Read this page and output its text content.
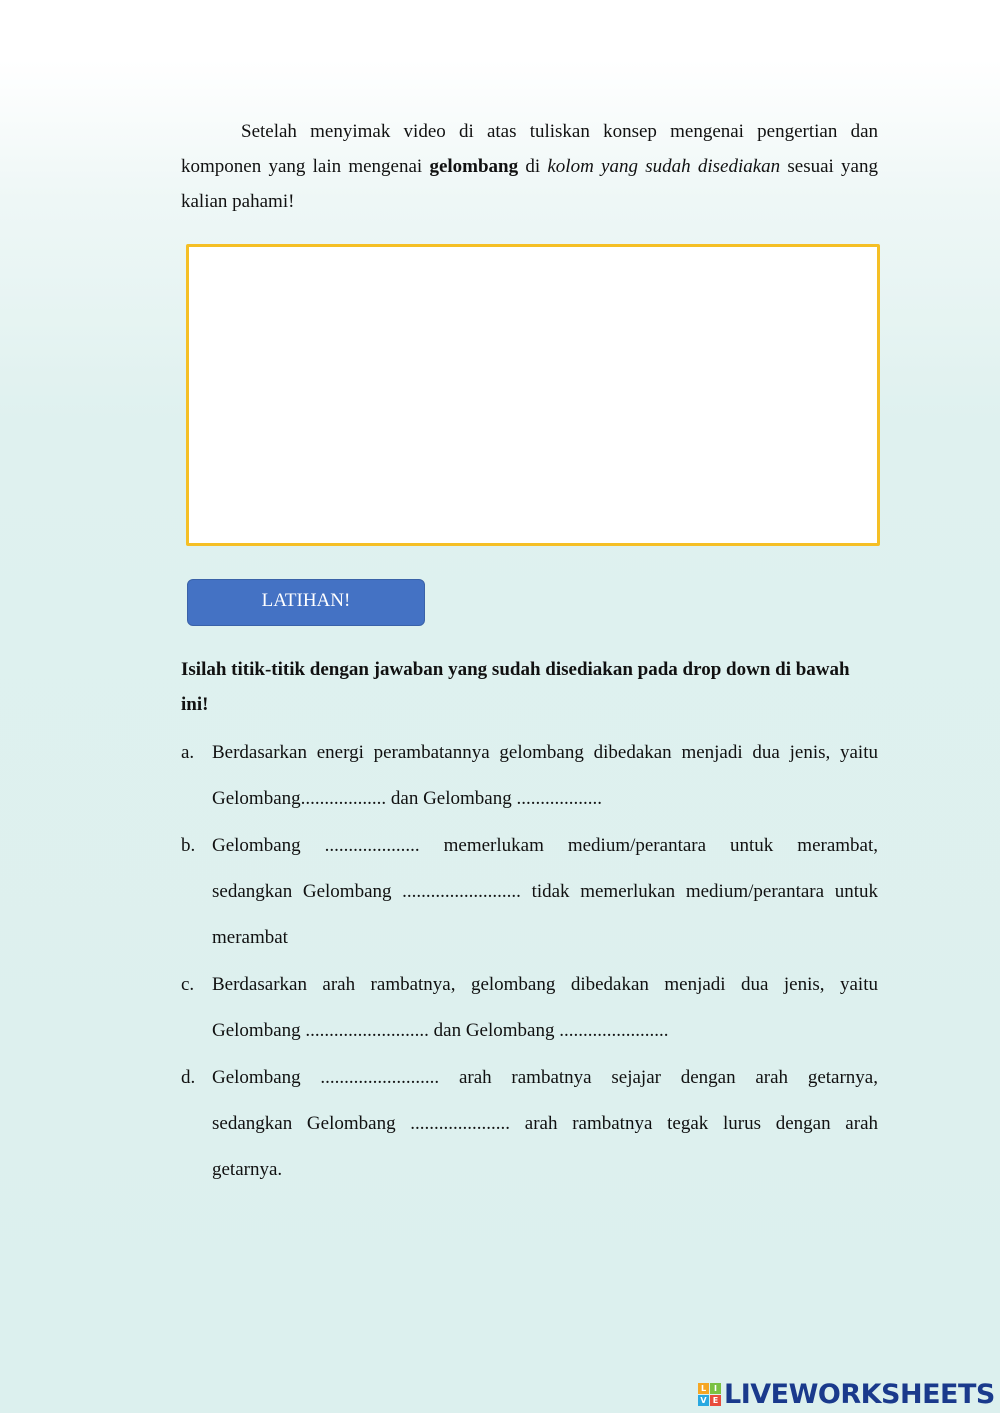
Setelah menyimak video di atas tuliskan konsep mengenai pengertian dan komponen yang lain mengenai gelombang di kolom yang sudah disediakan sesuai yang kalian pahami!

LATIHAN!

Isilah titik-titik dengan jawaban yang sudah disediakan pada drop down di bawah ini!

a. Berdasarkan energi perambatannya gelombang dibedakan menjadi dua jenis, yaitu
Gelombang.................. dan Gelombang ..................
b. Gelombang .................... memerlukam medium/perantara untuk merambat,
sedangkan Gelombang ......................... tidak memerlukan medium/perantara untuk
merambat
c. Berdasarkan arah rambatnya, gelombang dibedakan menjadi dua jenis, yaitu
Gelombang .......................... dan Gelombang .......................
d. Gelombang ......................... arah rambatnya sejajar dengan arah getarnya,
sedangkan Gelombang ..................... arah rambatnya tegak lurus dengan arah
getarnya.
L I
V E LIVEWORKSHEETS
